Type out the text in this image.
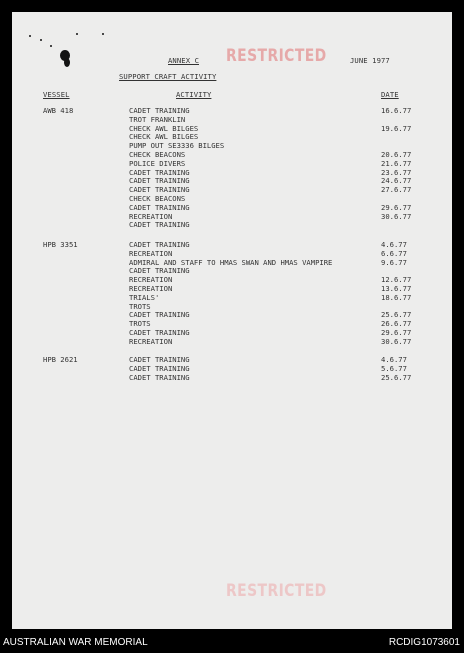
ANNEX C RESTRICTED	JUNE 1977
SUPPORT CRAFT ACTIVITY
VESSEL	ACTIVITY	DATE
AWB 418	CADET TRAINING	16.6.77
TROT FRANKLIN
CHECK AWL BILGES	19.6.77
CHECK AWL BILGES
PUMP OUT SE3336 BILGES
CHECK BEACONS	20.6.77
POLICE DIVERS	21.6.77
CADET TRAINING	23.6.77
CADET TRAINING	24.6.77
CADET TRAINING	27.6.77
CHECK BEACONS
CADET TRAINING	29.6.77
RECREATION	30.6.77
CADET TRAINING
HPB 3351	CADET TRAINING	4.6.77
RECREATION	6.6.77
ADMIRAL AND STAFF TO HMAS SWAN AND HMAS VAMPIRE	9.6.77
CADET TRAINING
RECREATION	12.6.77
RECREATION	13.6.77
TRIALS'	18.6.77
TROTS
CADET TRAINING	25.6.77
TROTS	26.6.77
CADET TRAINING	29.6.77
RECREATION	30.6.77
HPB 2621	CADET TRAINING	4.6.77
CADET TRAINING	5.6.77
CADET TRAINING	25.6.77
RESTRICTED
AUSTRALIAN WAR MEMORIAL	RCDIG1073601
